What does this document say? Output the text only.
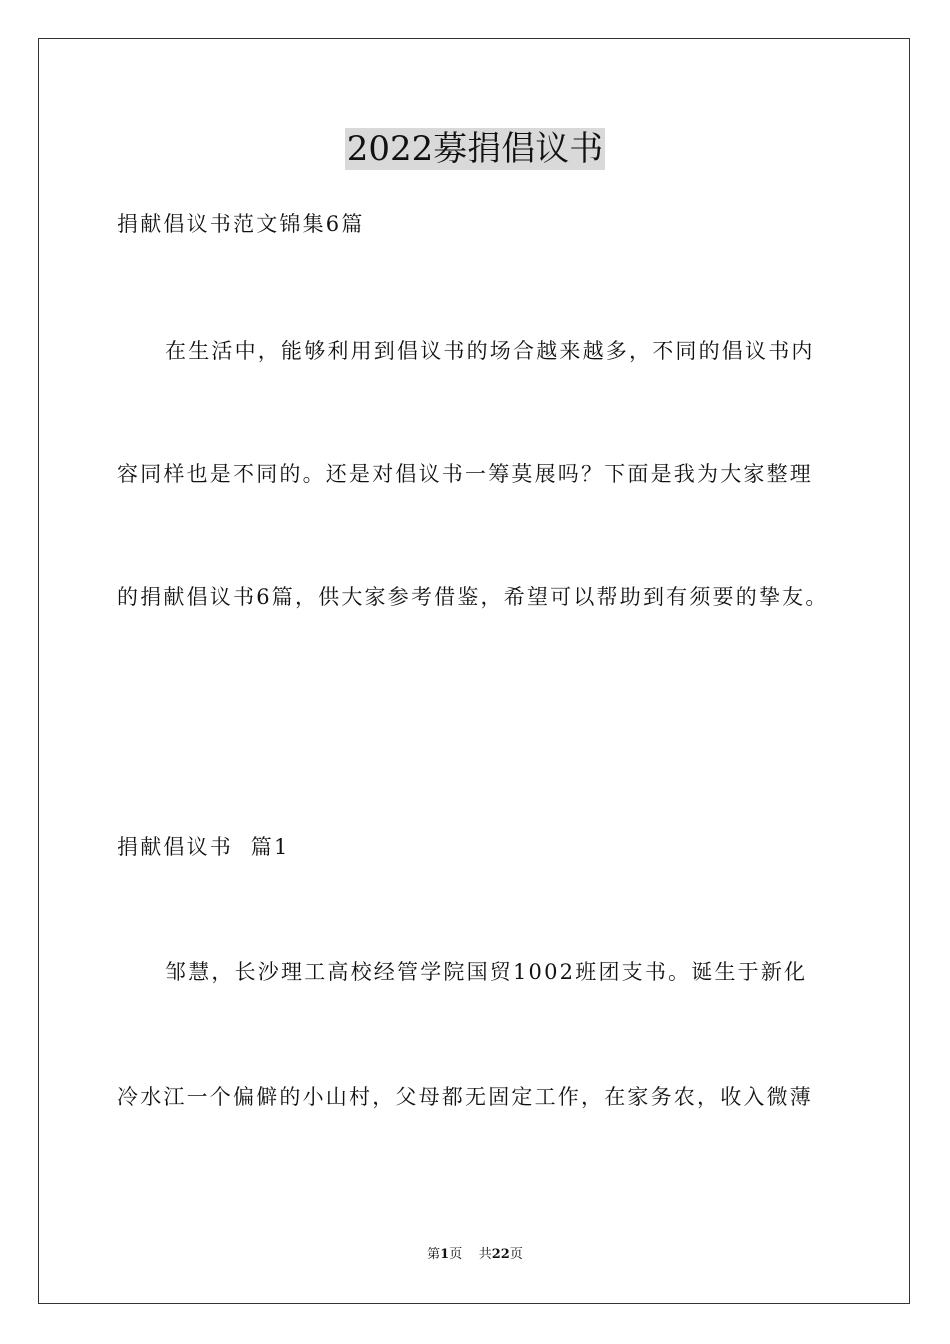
2022募捐倡议书
捐献倡议书范文锦集6篇
在生活中，能够利用到倡议书的场合越来越多，不同的倡议书内
容同样也是不同的。还是对倡议书一筹莫展吗？下面是我为大家整理
的捐献倡议书6篇，供大家参考借鉴，希望可以帮助到有须要的挚友。
捐献倡议书  篇1
邹慧，长沙理工高校经管学院国贸1002班团支书。诞生于新化
冷水江一个偏僻的小山村，父母都无固定工作，在家务农，收入微薄
第1页 共22页
